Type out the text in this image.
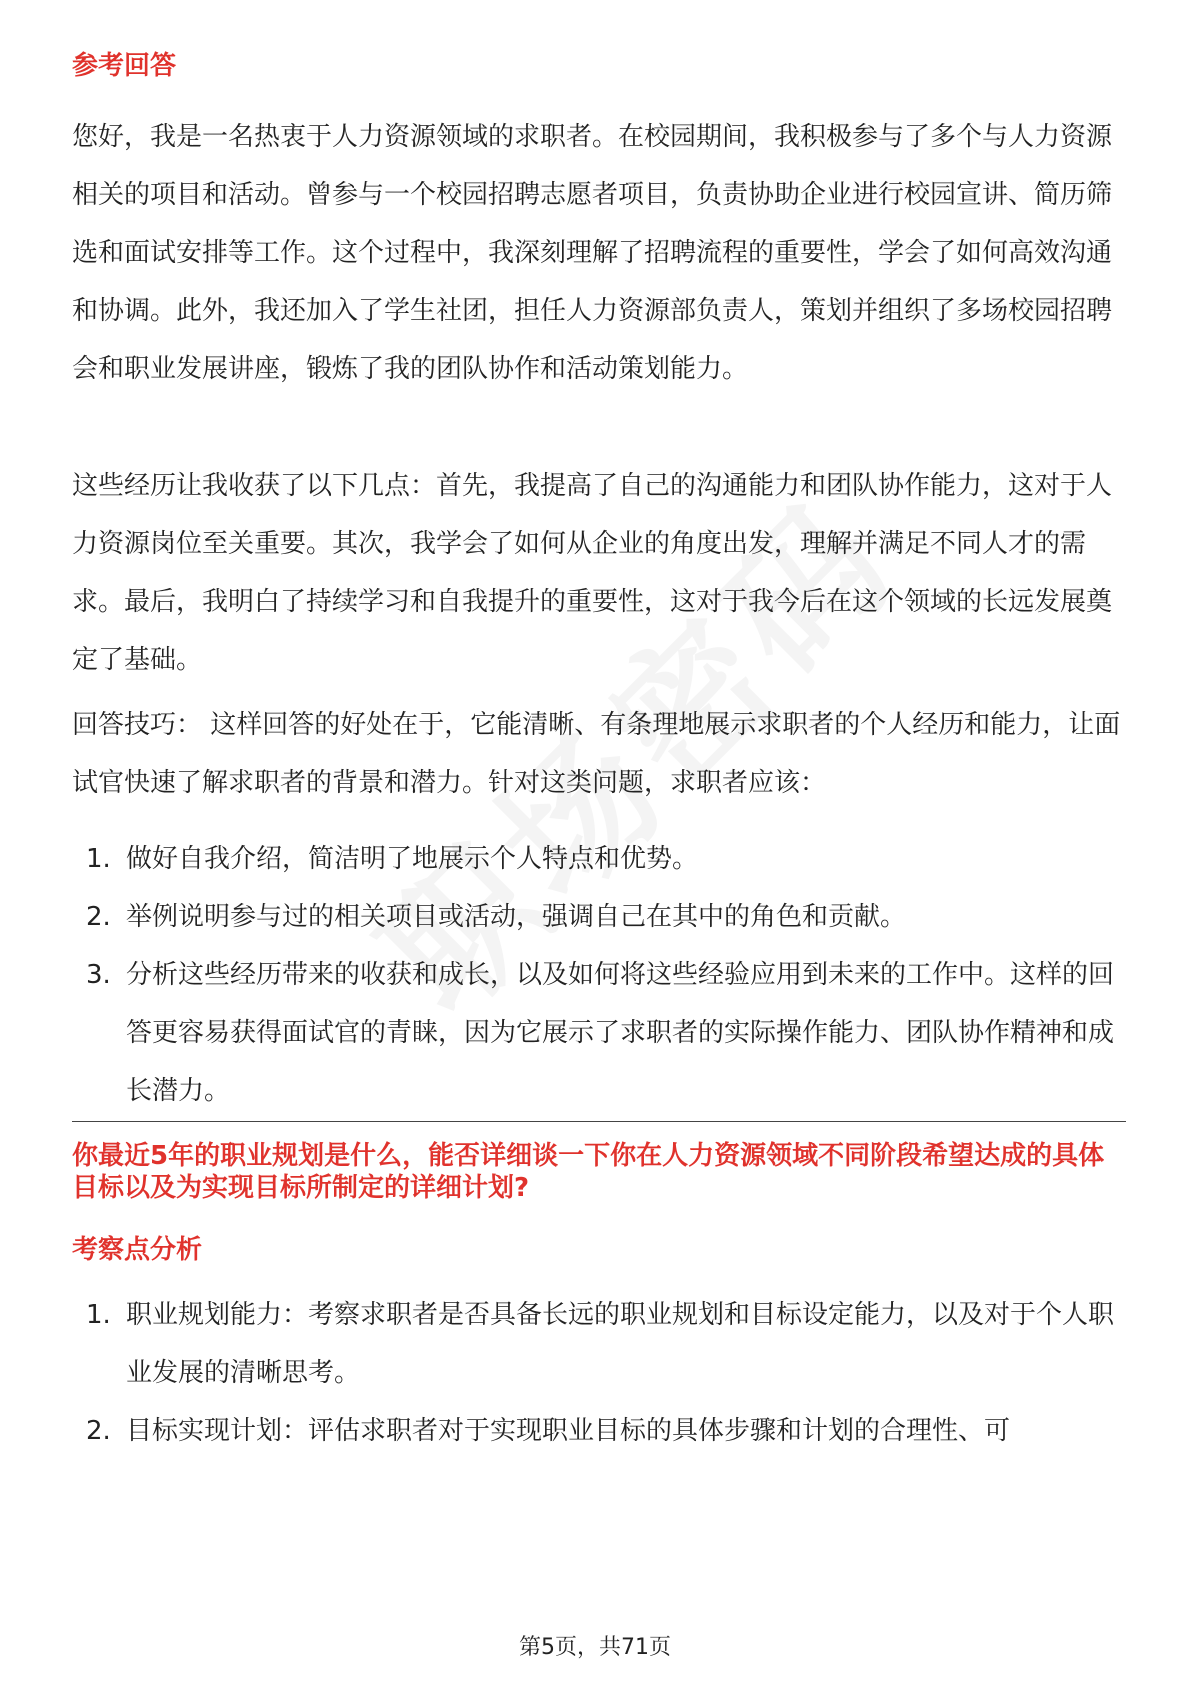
参考回答

您好，我是一名热衷于人力资源领域的求职者。在校园期间，我积极参与了多个与人力资源相关的项目和活动。曾参与一个校园招聘志愿者项目，负责协助企业进行校园宣讲、简历筛选和面试安排等工作。这个过程中，我深刻理解了招聘流程的重要性，学会了如何高效沟通和协调。此外，我还加入了学生社团，担任人力资源部负责人，策划并组织了多场校园招聘会和职业发展讲座，锻炼了我的团队协作和活动策划能力。

这些经历让我收获了以下几点：首先，我提高了自己的沟通能力和团队协作能力，这对于人力资源岗位至关重要。其次，我学会了如何从企业的角度出发，理解并满足不同人才的需求。最后，我明白了持续学习和自我提升的重要性，这对于我今后在这个领域的长远发展奠定了基础。

回答技巧： 这样回答的好处在于，它能清晰、有条理地展示求职者的个人经历和能力，让面试官快速了解求职者的背景和潜力。针对这类问题，求职者应该：

1. 做好自我介绍，简洁明了地展示个人特点和优势。
2. 举例说明参与过的相关项目或活动，强调自己在其中的角色和贡献。
3. 分析这些经历带来的收获和成长，以及如何将这些经验应用到未来的工作中。这样的回答更容易获得面试官的青睐，因为它展示了求职者的实际操作能力、团队协作精神和成长潜力。
你最近5年的职业规划是什么，能否详细谈一下你在人力资源领域不同阶段希望达成的具体目标以及为实现目标所制定的详细计划?
考察点分析
1. 职业规划能力：考察求职者是否具备长远的职业规划和目标设定能力，以及对于个人职业发展的清晰思考。
2. 目标实现计划：评估求职者对于实现职业目标的具体步骤和计划的合理性、可
第5页，共71页
